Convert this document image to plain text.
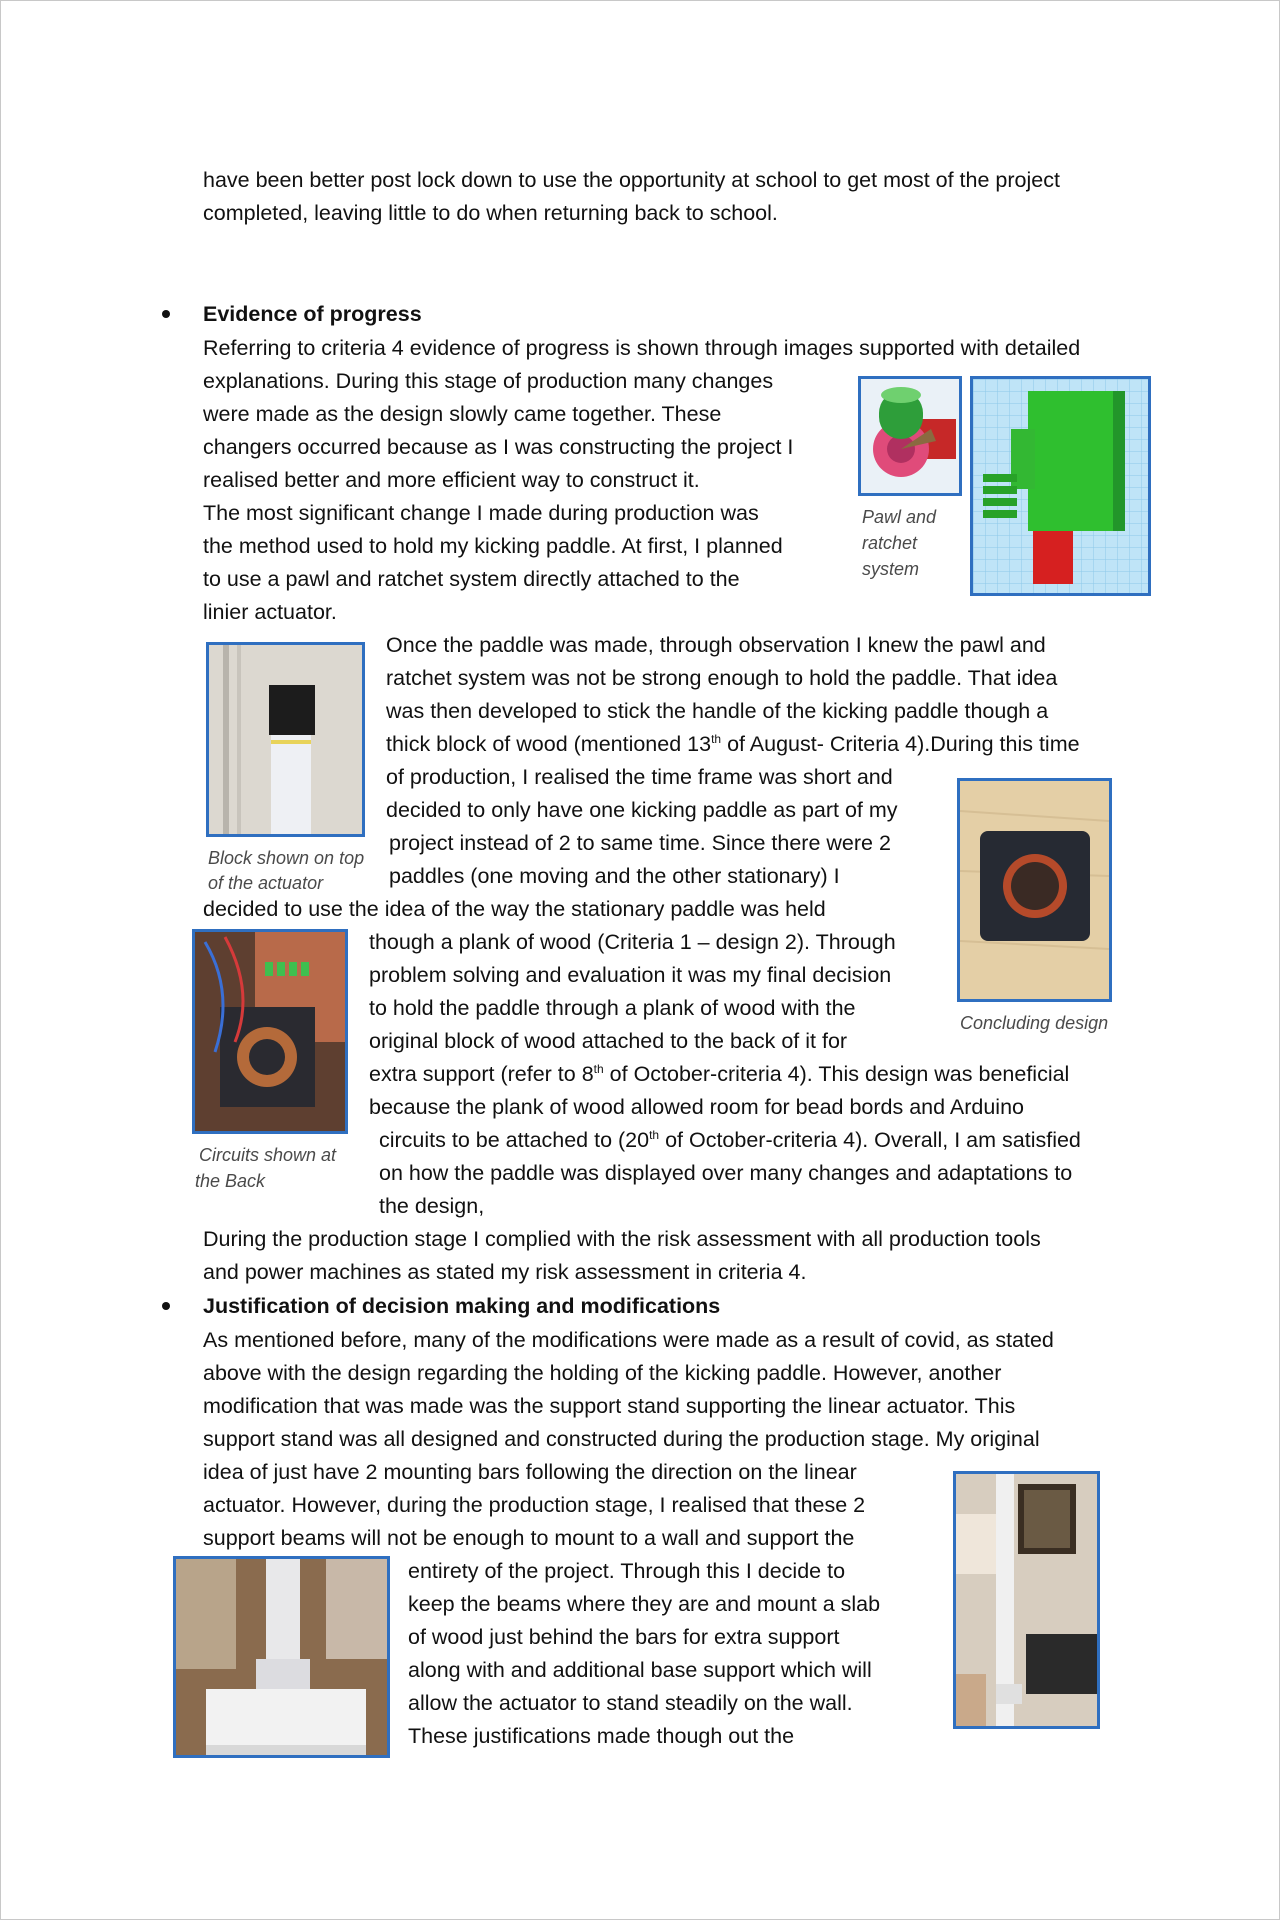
have been better post lock down to use the opportunity at school to get most of the project
completed, leaving little to do when returning back to school.
Evidence of progress
Referring to criteria 4 evidence of progress is shown through images supported with detailed
explanations. During this stage of production many changes
were made as the design slowly came together. These
changers occurred because as I was constructing the project I
realised better and more efficient way to construct it.
The most significant change I made during production was
the method used to hold my kicking paddle. At first, I planned
to use a pawl and ratchet system directly attached to the
linier actuator.
Pawl and
ratchet
system
Block shown on top
of the actuator
Concluding design
Circuits shown at
the Back
Once the paddle was made, through observation I knew the pawl and
ratchet system was not be strong enough to hold the paddle. That idea
was then developed to stick the handle of the kicking paddle though a
thick block of wood (mentioned 13th of August- Criteria 4).During this time
of production, I realised the time frame was short and
decided to only have one kicking paddle as part of my
project instead of 2 to same time. Since there were 2
paddles (one moving and the other stationary) I
decided to use the idea of the way the stationary paddle was held
though a plank of wood (Criteria 1 – design 2). Through
problem solving and evaluation it was my final decision
to hold the paddle through a plank of wood with the
original block of wood attached to the back of it for
extra support (refer to 8th of October-criteria 4). This design was beneficial
because the plank of wood allowed room for bead bords and Arduino
circuits to be attached to (20th of October-criteria 4). Overall, I am satisfied
on how the paddle was displayed over many changes and adaptations to
the design,
During the production stage I complied with the risk assessment with all production tools
and power machines as stated my risk assessment in criteria 4.
Justification of decision making and modifications
As mentioned before, many of the modifications were made as a result of covid, as stated
above with the design regarding the holding of the kicking paddle. However, another
modification that was made was the support stand supporting the linear actuator. This
support stand was all designed and constructed during the production stage. My original
idea of just have 2 mounting bars following the direction on the linear
actuator. However, during the production stage, I realised that these 2
support beams will not be enough to mount to a wall and support the
entirety of the project. Through this I decide to
keep the beams where they are and mount a slab
of wood just behind the bars for extra support
along with and additional base support which will
allow the actuator to stand steadily on the wall.
These justifications made though out the
